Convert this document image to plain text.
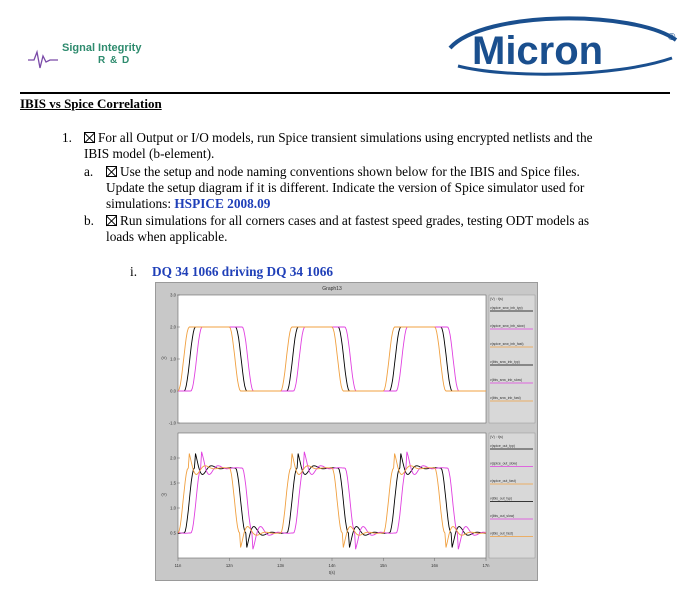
Signal Integrity
R & D	Micron	®
IBIS vs Spice Correlation
1.	For all Output or I/O models, run Spice transient simulations using encrypted netlists and the
IBIS model (b-element).
a.	Use the setup and node naming conventions shown below for the IBIS and Spice files.
Update the setup diagram if it is different. Indicate the version of Spice simulator used for
simulations: HSPICE 2008.09
b.	Run simulations for all corners cases and at fastest speed grades, testing ODT models as
loads when applicable.
i. DQ 34 1066 driving DQ 34 1066
Graph13
(V) : t(s)
v(spice_snw_inb_typ)
v(spice_snw_inb_slow)
v(spice_snw_inb_fast)
v(ibis_snw_inb_typ)
v(ibis_snw_inb_slow)
v(ibis_snw_inb_fast)
3.0
2.0
1.0
0.0
-1.0
(V)
(V) : t(s)
v(spice_out_typ)
v(spice_out_slow)
v(spice_out_fast)
v(ibis_out_typ)
v(ibis_out_slow)
v(ibis_out_fast)
2.0
1.5
1.0
0.5
(V)
11n	12n	13n	14n	15n	16n	17n
t(s)
